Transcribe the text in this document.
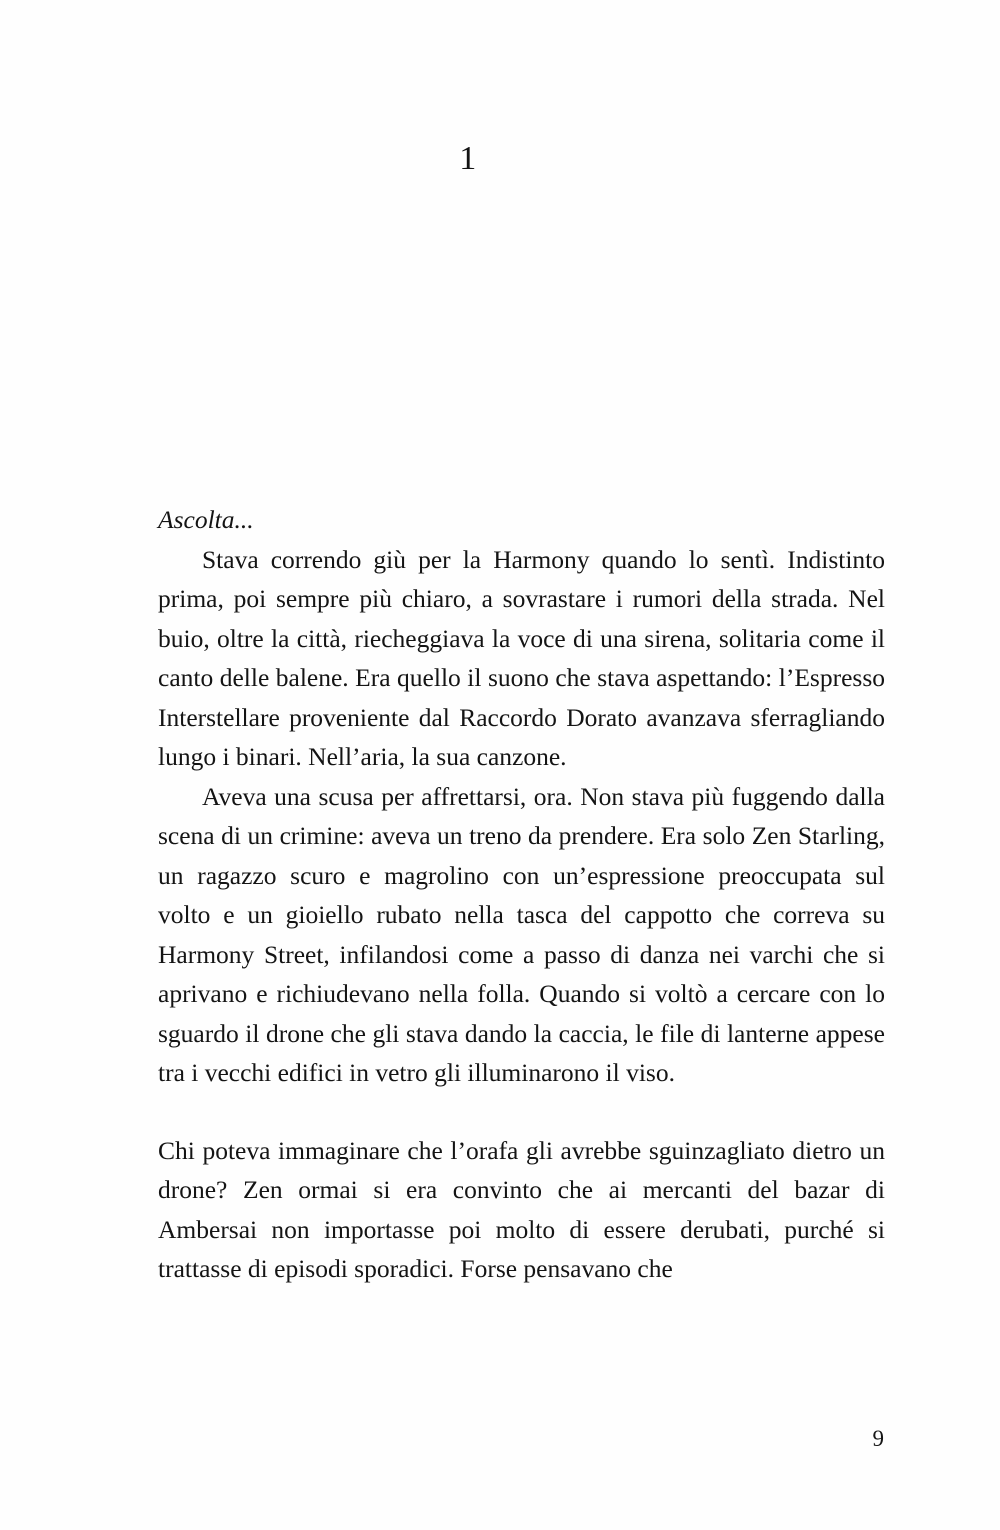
1

Ascolta...

Stava correndo giù per la Harmony quando lo sentì. Indistinto prima, poi sempre più chiaro, a sovrastare i rumori della strada. Nel buio, oltre la città, riecheggiava la voce di una sirena, solitaria come il canto delle balene. Era quello il suono che stava aspettando: l’Espresso Interstellare proveniente dal Raccordo Dorato avanzava sferragliando lungo i binari. Nell’aria, la sua canzone.

Aveva una scusa per affrettarsi, ora. Non stava più fuggendo dalla scena di un crimine: aveva un treno da prendere. Era solo Zen Starling, un ragazzo scuro e magrolino con un’espressione preoccupata sul volto e un gioiello rubato nella tasca del cappotto che correva su Harmony Street, infilandosi come a passo di danza nei varchi che si aprivano e richiudevano nella folla. Quando si voltò a cercare con lo sguardo il drone che gli stava dando la caccia, le file di lanterne appese tra i vecchi edifici in vetro gli illuminarono il viso.

Chi poteva immaginare che l’orafa gli avrebbe sguinzagliato dietro un drone? Zen ormai si era convinto che ai mercanti del bazar di Ambersai non importasse poi molto di essere derubati, purché si trattasse di episodi sporadici. Forse pensavano che

9
